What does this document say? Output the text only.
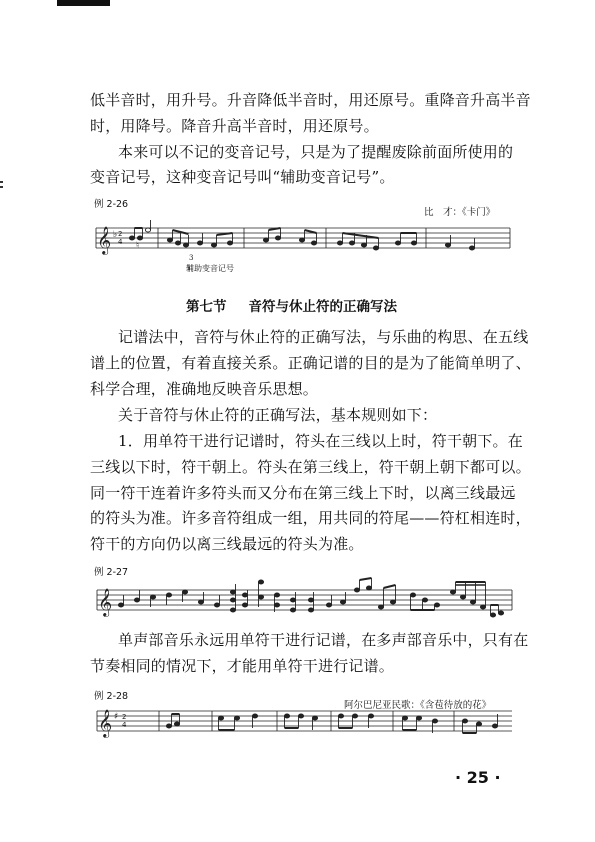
低半音时，用升号。升音降低半音时，用还原号。重降音升高半音
时，用降号。降音升高半音时，用还原号。
本来可以不记的变音记号，只是为了提醒废除前面所使用的
变音记号，这种变音记号叫“辅助变音记号”。
例 2-26
比　才：《卡门》
𝄞 ♭ 2
4 ♮
3
辅助变音记号
第七节 音符与休止符的正确写法
记谱法中，音符与休止符的正确写法，与乐曲的构思、在五线
谱上的位置，有着直接关系。正确记谱的目的是为了能简单明了、
科学合理，准确地反映音乐思想。
关于音符与休止符的正确写法，基本规则如下：
1．用单符干进行记谱时，符头在三线以上时，符干朝下。在
三线以下时，符干朝上。符头在第三线上，符干朝上朝下都可以。
同一符干连着许多符头而又分布在第三线上下时，以离三线最远
的符头为准。许多音符组成一组，用共同的符尾——符杠相连时，
符干的方向仍以离三线最远的符头为准。
例 2-27
𝄞
单声部音乐永远用单符干进行记谱，在多声部音乐中，只有在
节奏相同的情况下，才能用单符干进行记谱。
例 2-28
阿尔巴尼亚民歌：《含苞待放的花》
𝄞 ♯ 2
4
· 25 ·
